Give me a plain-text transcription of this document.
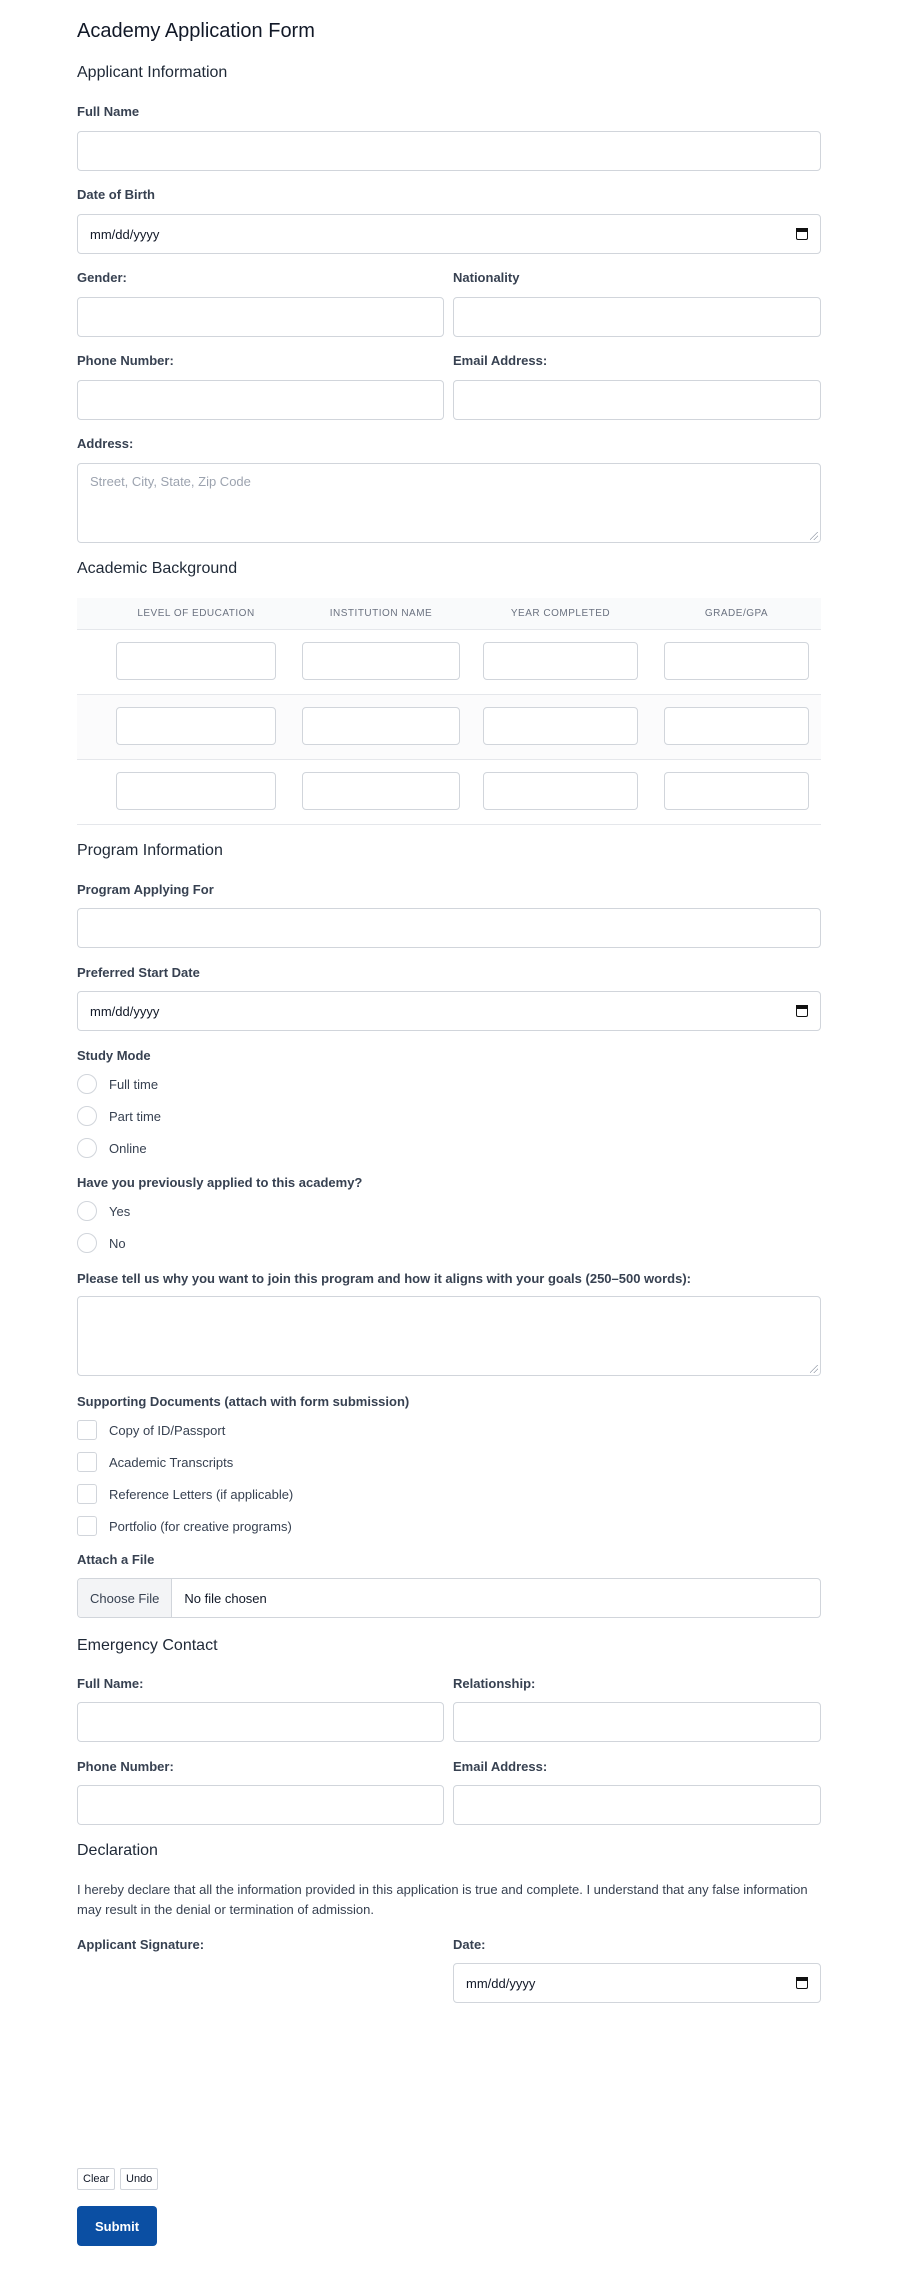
Academy Application Form
Applicant Information
Full Name
Date of Birth
mm/dd/yyyy
Gender:	Nationality
Phone Number:	Email Address:
Address:
Street, City, State, Zip Code
Academic Background
LEVEL OF EDUCATION	INSTITUTION NAME	YEAR COMPLETED	GRADE/GPA
Program Information
Program Applying For
Preferred Start Date
mm/dd/yyyy
Study Mode
Full time
Part time
Online
Have you previously applied to this academy?
Yes
No
Please tell us why you want to join this program and how it aligns with your goals (250–500 words):
Supporting Documents (attach with form submission)
Copy of ID/Passport
Academic Transcripts
Reference Letters (if applicable)
Portfolio (for creative programs)
Attach a File
Choose File	No file chosen
Emergency Contact
Full Name:	Relationship:
Phone Number:	Email Address:
Declaration

I hereby declare that all the information provided in this application is true and complete. I understand that any false information may result in the denial or termination of admission.

Applicant Signature:	Date:
mm/dd/yyyy
Clear	Undo
Submit
